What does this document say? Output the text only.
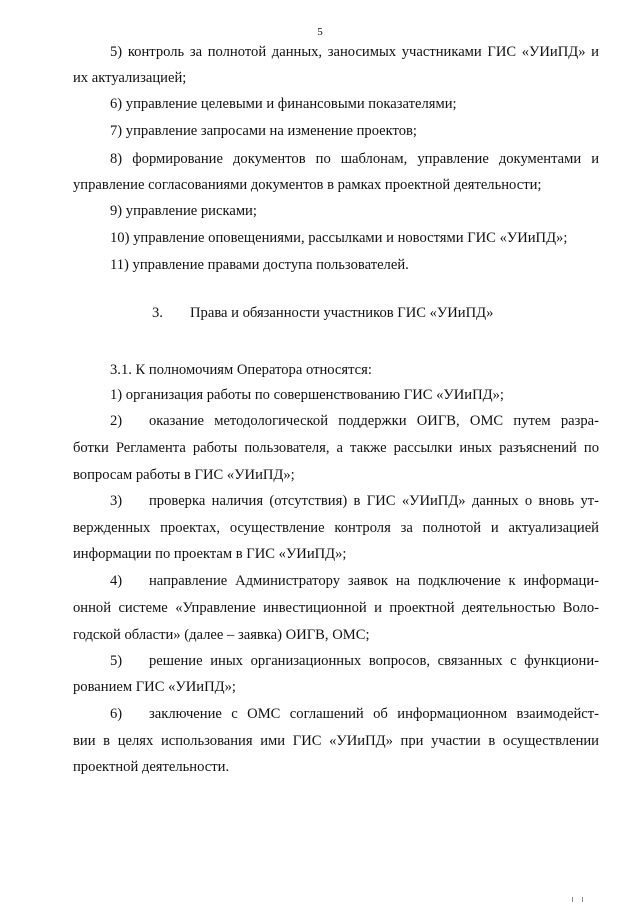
5
5) контроль за полнотой данных, заносимых участниками ГИС «УИиПД» и
их актуализацией;
6) управление целевыми и финансовыми показателями;
7) управление запросами на изменение проектов;
8) формирование документов по шаблонам, управление документами и
управление согласованиями документов в рамках проектной деятельности;
9) управление рисками;
10) управление оповещениями, рассылками и новостями ГИС «УИиПД»;
11) управление правами доступа пользователей.
3. Права и обязанности участников ГИС «УИиПД»
3.1. К полномочиям Оператора относятся:
1) организация работы по совершенствованию ГИС «УИиПД»;
2) оказание методологической поддержки ОИГВ, ОМС путем разра-
ботки Регламента работы пользователя, а также рассылки иных разъяснений по
вопросам работы в ГИС «УИиПД»;
3) проверка наличия (отсутствия) в ГИС «УИиПД» данных о вновь ут-
вержденных проектах, осуществление контроля за полнотой и актуализацией
информации по проектам в ГИС «УИиПД»;
4) направление Администратору заявок на подключение к информаци-
онной системе «Управление инвестиционной и проектной деятельностью Воло-
годской области» (далее – заявка) ОИГВ, ОМС;
5) решение иных организационных вопросов, связанных с функциони-
рованием ГИС «УИиПД»;
6) заключение с ОМС соглашений об информационном взаимодейст-
вии в целях использования ими ГИС «УИиПД» при участии в осуществлении
проектной деятельности.
